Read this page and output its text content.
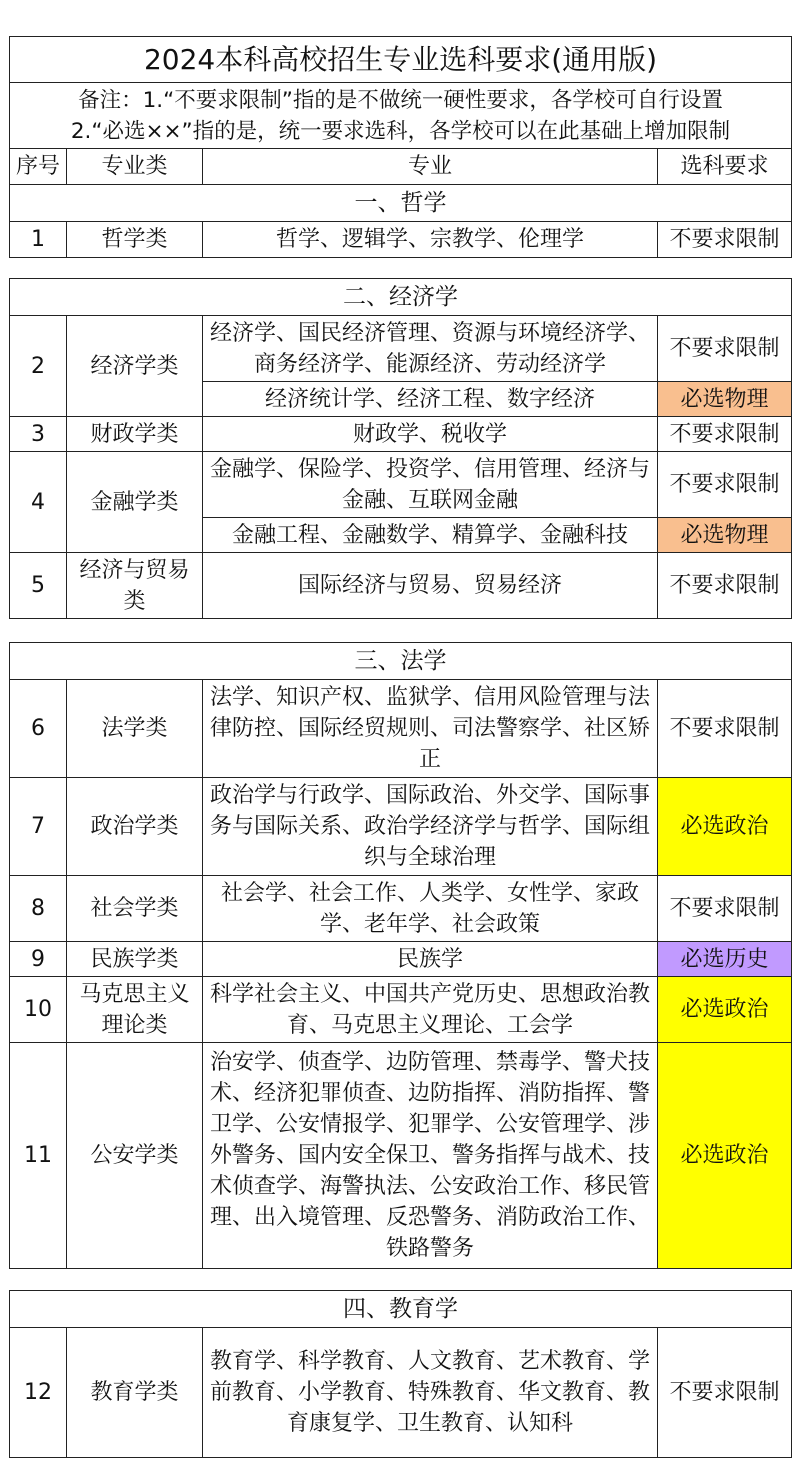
2024本科高校招生专业选科要求(通用版)			

备注：1.“不要求限制”指的是不做统一硬性要求，各学校可自行设置
2.“必选××”指的是，统一要求选科，各学校可以在此基础上增加限制			

序号	专业类	专业	选科要求
一、哲学			
1	哲学类	哲学、逻辑学、宗教学、伦理学	不要求限制
二、经济学			
2	经济学类	经济学、国民经济管理、资源与环境经济学、商务经济学、能源经济、劳动经济学	不要求限制
		经济统计学、经济工程、数字经济	必选物理
3	财政学类	财政学、税收学	不要求限制
4	金融学类	金融学、保险学、投资学、信用管理、经济与金融、互联网金融	不要求限制
		金融工程、金融数学、精算学、金融科技	必选物理
5	经济与贸易类	国际经济与贸易、贸易经济	不要求限制
三、法学			
6	法学类	法学、知识产权、监狱学、信用风险管理与法律防控、国际经贸规则、司法警察学、社区矫正	不要求限制
7	政治学类	政治学与行政学、国际政治、外交学、国际事务与国际关系、政治学经济学与哲学、国际组织与全球治理	必选政治
8	社会学类	社会学、社会工作、人类学、女性学、家政学、老年学、社会政策	不要求限制
9	民族学类	民族学	必选历史
10	马克思主义理论类	科学社会主义、中国共产党历史、思想政治教育、马克思主义理论、工会学	必选政治
11	公安学类	治安学、侦查学、边防管理、禁毒学、警犬技术、经济犯罪侦查、边防指挥、消防指挥、警卫学、公安情报学、犯罪学、公安管理学、涉外警务、国内安全保卫、警务指挥与战术、技术侦查学、海警执法、公安政治工作、移民管理、出入境管理、反恐警务、消防政治工作、铁路警务	必选政治
四、教育学
12	教育学类	教育学、科学教育、人文教育、艺术教育、学前教育、小学教育、特殊教育、华文教育、教育康复学、卫生教育、认知科	不要求限制
